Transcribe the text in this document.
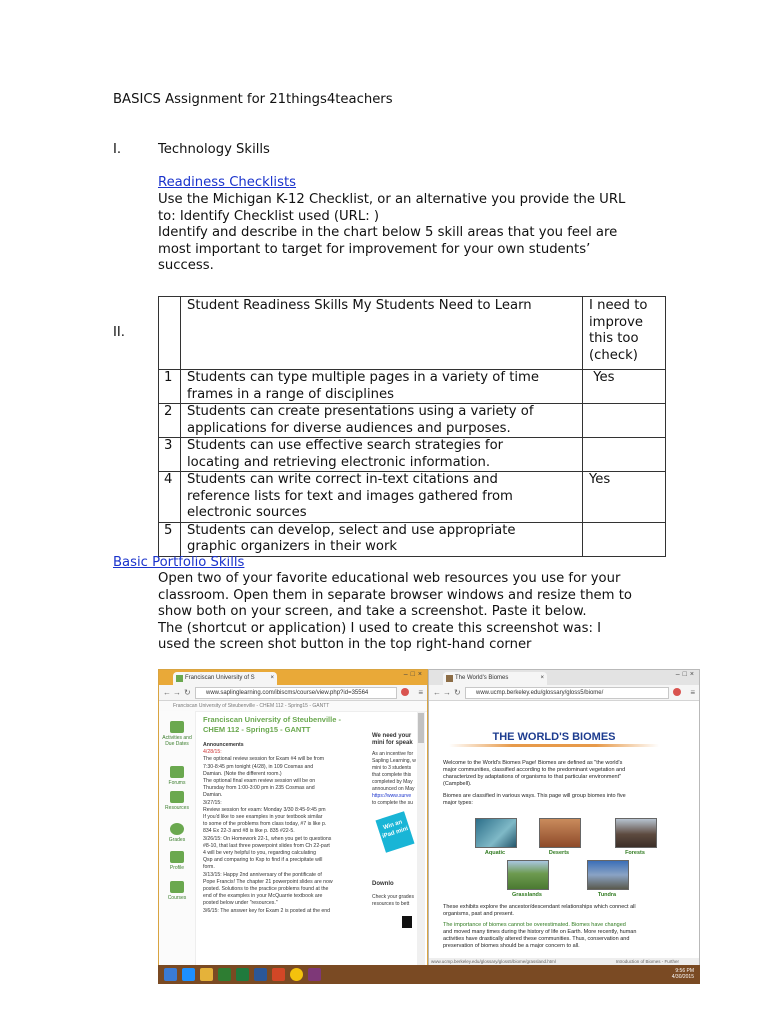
BASICS Assignment for 21things4teachers
I.	Technology Skills
Readiness Checklists
Use the Michigan K-12 Checklist, or an alternative you provide the URL
to: Identify Checklist used (URL: )
Identify and describe in the chart below 5 skill areas that you feel are
most important to target for improvement for your own students’
success.
II.
	Student Readiness Skills My Students Need to Learn	I need to
improve
this too
(check)

1	Students can type multiple pages in a variety of time
frames in a range of disciplines	Yes
2	Students can create presentations using a variety of
applications for diverse audiences and purposes.	

3	Students can use effective search strategies for
locating and retrieving electronic information.	

4	Students can write correct in-text citations and
reference lists for text and images gathered from
electronic sources	Yes
5	Students can develop, select and use appropriate
graphic organizers in their work	

Basic Portfolio Skills
Open two of your favorite educational web resources you use for your
classroom. Open them in separate browser windows and resize them to
show both on your screen, and take a screenshot. Paste it below.
The (shortcut or application) I used to create this screenshot was: I
used the screen shot button in the top right-hand corner
Franciscan University of S	×	–□×
← → ↻	www.saplinglearning.com/ibiscms/course/view.php?id=35564	≡
Franciscan University of Steubenville - CHEM 112 - Spring15 - GANTT
Activities and Due Dates
Forums
Resources
Grades
Profile
Courses
Franciscan University of Steubenville -
CHEM 112 - Spring15 - GANTT
Announcements
4/28/15:
The optional review session for Exam #4 will be from
7:30-8:45 pm tonight (4/28), in 109 Cosmas and
Damian. (Note the different room.)
The optional final exam review session will be on
Thursday from 1:00-3:00 pm in 235 Cosmas and
Damian.
3/27/15:
Review session for exam: Monday 3/30 8:45-9:45 pm
If you'd like to see examples in your textbook similar
to some of the problems from class today, #7 is like p.
834 Ex 22-3 and #8 is like p. 835 #22-5.
3/26/15: On Homework 22-1, when you get to questions
#8-10, that last three powerpoint slides from Ch 22-part
4 will be very helpful to you, regarding calculating
Qsp and comparing to Ksp to find if a precipitate will
form.
3/13/15: Happy 2nd anniversary of the pontificate of
Pope Francis! The chapter 21 powerpoint slides are now
posted. Solutions to the practice problems found at the
end of the examples in your McQuarrie textbook are
posted below under "resources."
3/6/15: The answer key for Exam 2 is posted at the end
We need your mini for speak
As an incentive for
Sapling Learning, w
mini to 3 students
that complete this
completed by May
announced on May
https://www.surve
to complete the su
Win an iPad mini
Downlo
Check your grades
resources to bett
The World's Biomes	×	–□×
← → ↻	www.ucmp.berkeley.edu/glossary/gloss5/biome/	≡
THE WORLD'S BIOMES
Welcome to the World's Biomes Page! Biomes are defined as "the world's
major communities, classified according to the predominant vegetation and
characterized by adaptations of organisms to that particular environment"
(Campbell).
Biomes are classified in various ways. This page will group biomes into five
major types:
Aquatic	Deserts	Forests
Grasslands	Tundra
These exhibits explore the ancestor/descendant relationships which connect all
organisms, past and present.
The importance of biomes cannot be overestimated. Biomes have changed
and moved many times during the history of life on Earth. More recently, human
activities have drastically altered these communities. Thus, conservation and
preservation of biomes should be a major concern to all.
www.ucmp.berkeley.edu/glossary/gloss5/biome/grassland.html	Introduction of Biomes - Further
9:56 PM
4/30/2015
